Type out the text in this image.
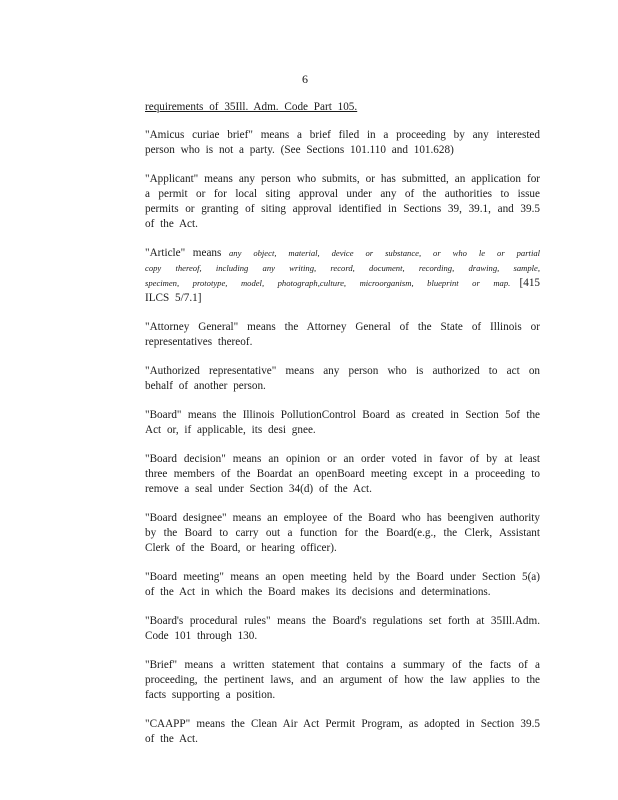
6

requirements of 35Ill. Adm. Code Part 105.

"Amicus curiae brief" means a brief filed in a proceeding by any interested person who is not a party. (See Sections 101.110 and 101.628)

"Applicant" means any person who submits, or has submitted, an application for a permit or for local siting approval under any of the authorities to issue permits or granting of siting approval identified in Sections 39, 39.1, and 39.5 of the Act.

"Article" means any object, material, device or substance, or who le or partial copy thereof, including any writing, record, document, recording, drawing, sample, specimen, prototype, model, photograph,culture, microorganism, blueprint or map. [415 ILCS 5/7.1]

"Attorney General" means the Attorney General of the State of Illinois or representatives thereof.

"Authorized representative" means any person who is authorized to act on behalf of another person.

"Board" means the Illinois PollutionControl Board as created in Section 5of the Act or, if applicable, its desi gnee.

"Board decision" means an opinion or an order voted in favor of by at least three members of the Boardat an openBoard meeting except in a proceeding to remove a seal under Section 34(d) of the Act.

"Board designee" means an employee of the Board who has beengiven authority by the Board to carry out a function for the Board(e.g., the Clerk, Assistant Clerk of the Board, or hearing officer).

"Board meeting" means an open meeting held by the Board under Section 5(a) of the Act in which the Board makes its decisions and determinations.

"Board's procedural rules" means the Board's regulations set forth at 35Ill.Adm. Code 101 through 130.

"Brief" means a written statement that contains a summary of the facts of a proceeding, the pertinent laws, and an argument of how the law applies to the facts supporting a position.

"CAAPP" means the Clean Air Act Permit Program, as adopted in Section 39.5 of the Act.
